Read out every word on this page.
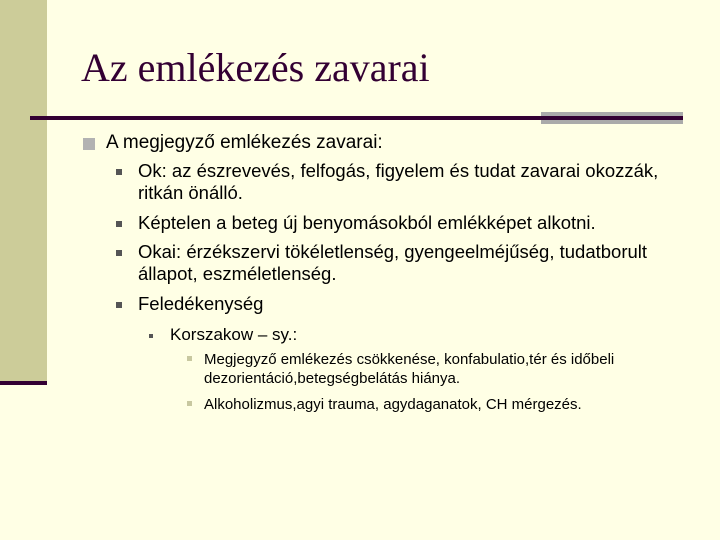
Az emlékezés zavarai
A megjegyző emlékezés zavarai:
Ok: az észrevevés, felfogás, figyelem és tudat zavarai okozzák, ritkán önálló.
Képtelen a beteg új benyomásokból emlékképet alkotni.
Okai: érzékszervi tökéletlenség, gyengeelméjűség, tudatborult állapot, eszméletlenség.
Feledékenység
Korszakow – sy.:
Megjegyző emlékezés csökkenése, konfabulatio,tér és időbeli dezorientáció,betegségbelátás hiánya.
Alkoholizmus,agyi trauma, agydaganatok, CH mérgezés.
